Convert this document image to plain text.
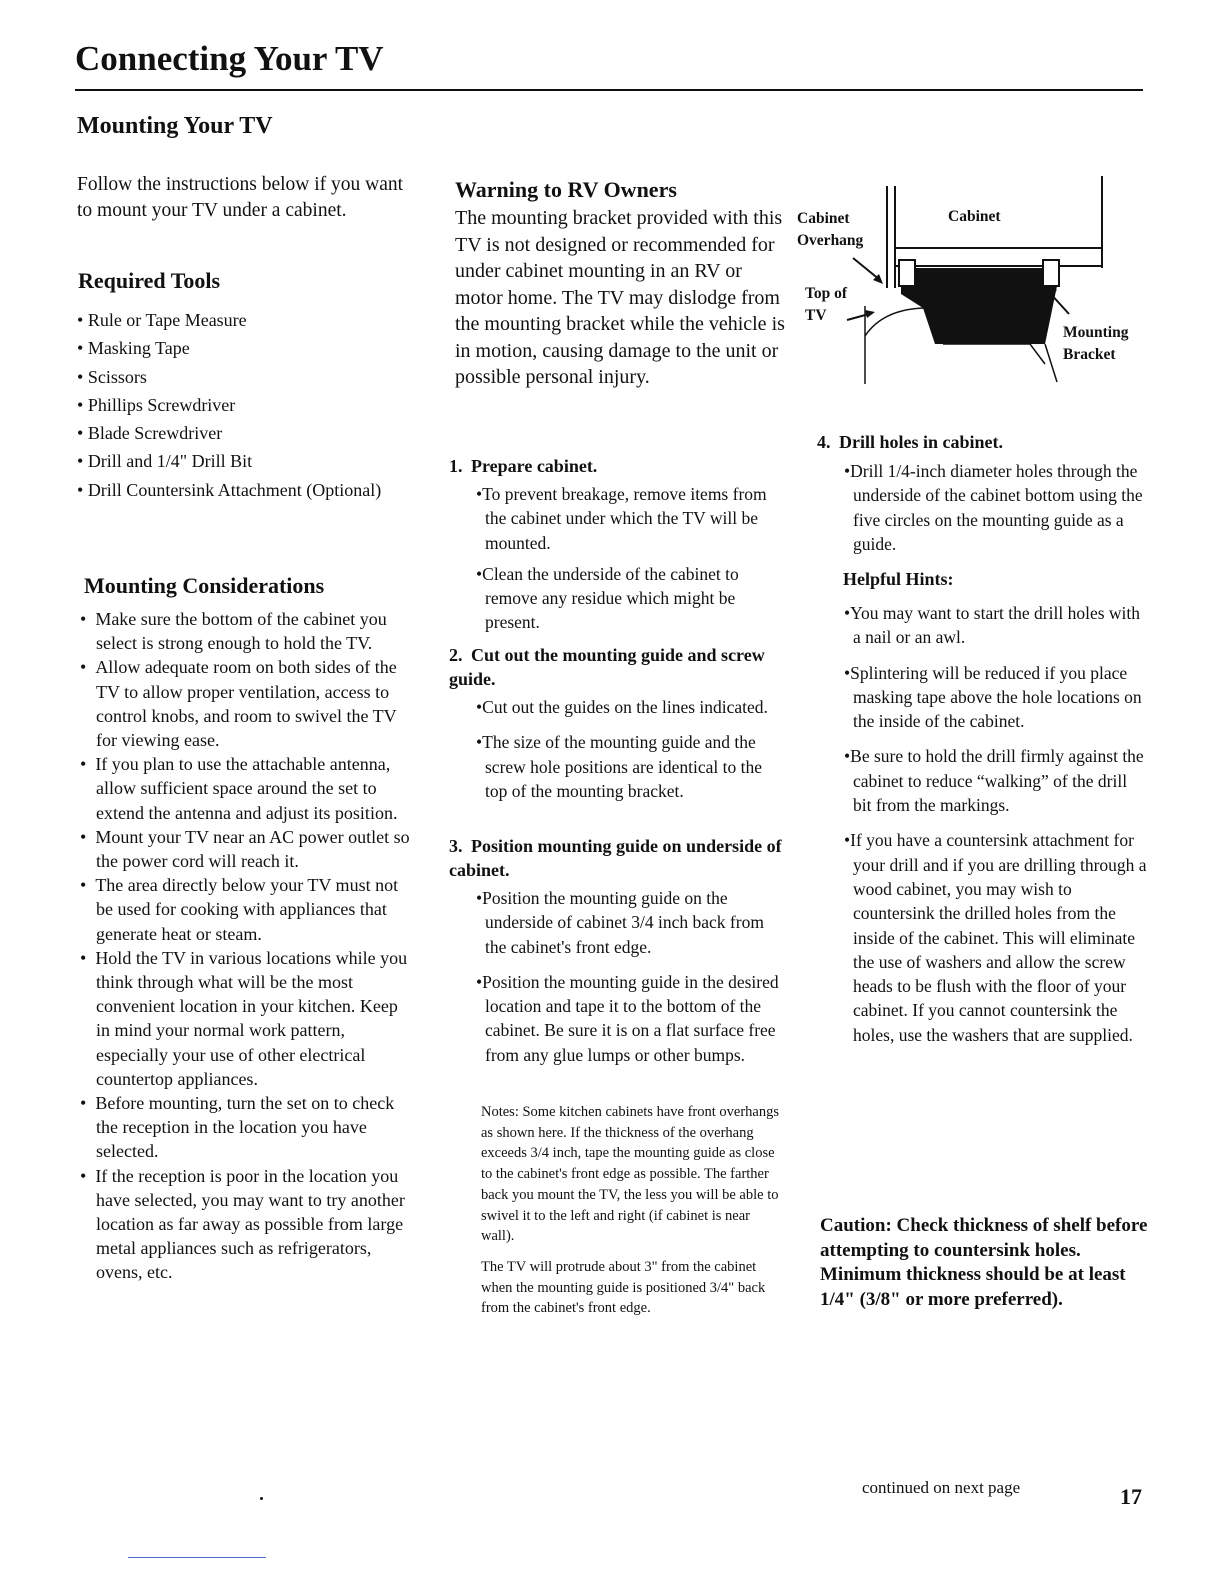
Connecting Your TV
Mounting Your TV

Follow the instructions below if you want to mount your TV under a cabinet.

Required Tools
• Rule or Tape Measure
• Masking Tape
• Scissors
• Phillips Screwdriver
• Blade Screwdriver
• Drill and 1/4" Drill Bit
• Drill Countersink Attachment (Optional)
Mounting Considerations
•  Make sure the bottom of the cabinet you select is strong enough to hold the TV.
•  Allow adequate room on both sides of the TV to allow proper ventilation, access to control knobs, and room to swivel the TV for viewing ease.
•  If you plan to use the attachable antenna, allow sufficient space around the set to extend the antenna and adjust its position.
•  Mount your TV near an AC power outlet so the power cord will reach it.
•  The area directly below your TV must not be used for cooking with appliances that generate heat or steam.
•  Hold the TV in various locations while you think through what will be the most convenient location in your kitchen. Keep in mind your normal work pattern, especially your use of other electrical countertop appliances.
•  Before mounting, turn the set on to check the reception in the location you have selected.
•  If the reception is poor in the location you have selected, you may want to try another location as far away as possible from large metal appliances such as refrigerators, ovens, etc.
Warning to RV Owners

The mounting bracket provided with this TV is not designed or recommended for under cabinet mounting in an RV or motor home. The TV may dislodge from the mounting bracket while the vehicle is in motion, causing damage to the unit or possible personal injury.

1. Prepare cabinet.

• To prevent breakage, remove items from the cabinet under which the TV will be mounted.

• Clean the underside of the cabinet to remove any residue which might be present.

2. Cut out the mounting guide and screw guide.

• Cut out the guides on the lines indicated.

• The size of the mounting guide and the screw hole positions are identical to the top of the mounting bracket.

3. Position mounting guide on underside of cabinet.

• Position the mounting guide on the underside of cabinet 3/4 inch back from the cabinet's front edge.

• Position the mounting guide in the desired location and tape it to the bottom of the cabinet. Be sure it is on a flat surface free from any glue lumps or other bumps.

Notes: Some kitchen cabinets have front overhangs as shown here. If the thickness of the overhang exceeds 3/4 inch, tape the mounting guide as close to the cabinet's front edge as possible. The farther back you mount the TV, the less you will be able to swivel it to the left and right (if cabinet is near wall).

The TV will protrude about 3" from the cabinet when the mounting guide is positioned 3/4" back from the cabinet's front edge.

Cabinet Overhang
Cabinet
Top of TV
Mounting Bracket

4. Drill holes in cabinet.

• Drill 1/4-inch diameter holes through the underside of the cabinet bottom using the five circles on the mounting guide as a guide.

Helpful Hints:

• You may want to start the drill holes with a nail or an awl.

• Splintering will be reduced if you place masking tape above the hole locations on the inside of the cabinet.

• Be sure to hold the drill firmly against the cabinet to reduce “walking” of the drill bit from the markings.

• If you have a countersink attachment for your drill and if you are drilling through a wood cabinet, you may wish to countersink the drilled holes from the inside of the cabinet. This will eliminate the use of washers and allow the screw heads to be flush with the floor of your cabinet. If you cannot countersink the holes, use the washers that are supplied.

Caution: Check thickness of shelf before attempting to countersink holes. Minimum thickness should be at least 1/4" (3/8" or more preferred).

continued on next page	17
